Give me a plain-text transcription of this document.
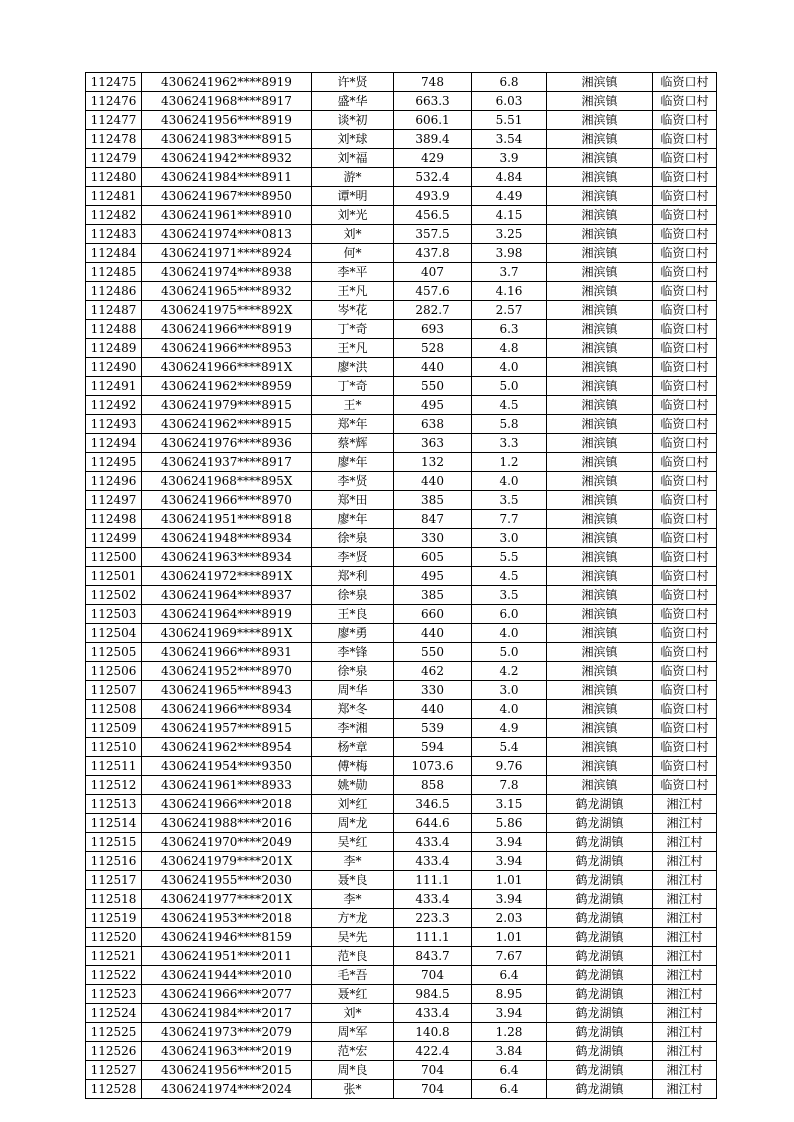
112475	4306241962****8919	许*贤	748	6.8	湘滨镇	临资口村
112476	4306241968****8917	盛*华	663.3	6.03	湘滨镇	临资口村
112477	4306241956****8919	谈*初	606.1	5.51	湘滨镇	临资口村
112478	4306241983****8915	刘*球	389.4	3.54	湘滨镇	临资口村
112479	4306241942****8932	刘*福	429	3.9	湘滨镇	临资口村
112480	4306241984****8911	游*	532.4	4.84	湘滨镇	临资口村
112481	4306241967****8950	谭*明	493.9	4.49	湘滨镇	临资口村
112482	4306241961****8910	刘*光	456.5	4.15	湘滨镇	临资口村
112483	4306241974****0813	刘*	357.5	3.25	湘滨镇	临资口村
112484	4306241971****8924	何*	437.8	3.98	湘滨镇	临资口村
112485	4306241974****8938	李*平	407	3.7	湘滨镇	临资口村
112486	4306241965****8932	王*凡	457.6	4.16	湘滨镇	临资口村
112487	4306241975****892X	岑*花	282.7	2.57	湘滨镇	临资口村
112488	4306241966****8919	丁*奇	693	6.3	湘滨镇	临资口村
112489	4306241966****8953	王*凡	528	4.8	湘滨镇	临资口村
112490	4306241966****891X	廖*洪	440	4.0	湘滨镇	临资口村
112491	4306241962****8959	丁*奇	550	5.0	湘滨镇	临资口村
112492	4306241979****8915	王*	495	4.5	湘滨镇	临资口村
112493	4306241962****8915	郑*年	638	5.8	湘滨镇	临资口村
112494	4306241976****8936	蔡*辉	363	3.3	湘滨镇	临资口村
112495	4306241937****8917	廖*年	132	1.2	湘滨镇	临资口村
112496	4306241968****895X	李*贤	440	4.0	湘滨镇	临资口村
112497	4306241966****8970	郑*田	385	3.5	湘滨镇	临资口村
112498	4306241951****8918	廖*年	847	7.7	湘滨镇	临资口村
112499	4306241948****8934	徐*泉	330	3.0	湘滨镇	临资口村
112500	4306241963****8934	李*贤	605	5.5	湘滨镇	临资口村
112501	4306241972****891X	郑*利	495	4.5	湘滨镇	临资口村
112502	4306241964****8937	徐*泉	385	3.5	湘滨镇	临资口村
112503	4306241964****8919	王*良	660	6.0	湘滨镇	临资口村
112504	4306241969****891X	廖*勇	440	4.0	湘滨镇	临资口村
112505	4306241966****8931	李*锋	550	5.0	湘滨镇	临资口村
112506	4306241952****8970	徐*泉	462	4.2	湘滨镇	临资口村
112507	4306241965****8943	周*华	330	3.0	湘滨镇	临资口村
112508	4306241966****8934	郑*冬	440	4.0	湘滨镇	临资口村
112509	4306241957****8915	李*湘	539	4.9	湘滨镇	临资口村
112510	4306241962****8954	杨*章	594	5.4	湘滨镇	临资口村
112511	4306241954****9350	傅*梅	1073.6	9.76	湘滨镇	临资口村
112512	4306241961****8933	姚*勋	858	7.8	湘滨镇	临资口村
112513	4306241966****2018	刘*红	346.5	3.15	鹤龙湖镇	湘江村
112514	4306241988****2016	周*龙	644.6	5.86	鹤龙湖镇	湘江村
112515	4306241970****2049	吴*红	433.4	3.94	鹤龙湖镇	湘江村
112516	4306241979****201X	李*	433.4	3.94	鹤龙湖镇	湘江村
112517	4306241955****2030	聂*良	111.1	1.01	鹤龙湖镇	湘江村
112518	4306241977****201X	李*	433.4	3.94	鹤龙湖镇	湘江村
112519	4306241953****2018	方*龙	223.3	2.03	鹤龙湖镇	湘江村
112520	4306241946****8159	吴*先	111.1	1.01	鹤龙湖镇	湘江村
112521	4306241951****2011	范*良	843.7	7.67	鹤龙湖镇	湘江村
112522	4306241944****2010	毛*吾	704	6.4	鹤龙湖镇	湘江村
112523	4306241966****2077	聂*红	984.5	8.95	鹤龙湖镇	湘江村
112524	4306241984****2017	刘*	433.4	3.94	鹤龙湖镇	湘江村
112525	4306241973****2079	周*军	140.8	1.28	鹤龙湖镇	湘江村
112526	4306241963****2019	范*宏	422.4	3.84	鹤龙湖镇	湘江村
112527	4306241956****2015	周*良	704	6.4	鹤龙湖镇	湘江村
112528	4306241974****2024	张*	704	6.4	鹤龙湖镇	湘江村
